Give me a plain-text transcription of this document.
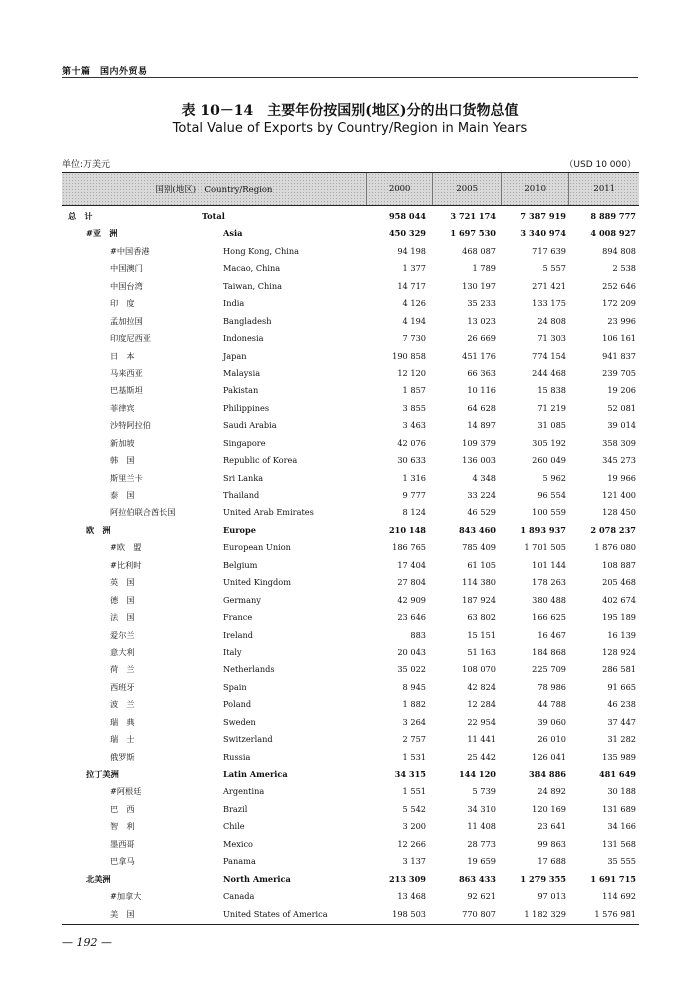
第十篇　国内外贸易
表 10－14　主要年份按国别(地区)分的出口货物总值
Total Value of Exports by Country/Region in Main Years
单位:万美元	（USD 10 000）
国别(地区)　Country/Region	2000	2005	2010	2011
总　计	Total	958 044	3 721 174	7 387 919	8 889 777
#亚　洲	Asia	450 329	1 697 530	3 340 974	4 008 927
#中国香港	Hong Kong, China	94 198	468 087	717 639	894 808
中国澳门	Macao, China	1 377	1 789	5 557	2 538
中国台湾	Taiwan, China	14 717	130 197	271 421	252 646
印　度	India	4 126	35 233	133 175	172 209
孟加拉国	Bangladesh	4 194	13 023	24 808	23 996
印度尼西亚	Indonesia	7 730	26 669	71 303	106 161
日　本	Japan	190 858	451 176	774 154	941 837
马来西亚	Malaysia	12 120	66 363	244 468	239 705
巴基斯坦	Pakistan	1 857	10 116	15 838	19 206
菲律宾	Philippines	3 855	64 628	71 219	52 081
沙特阿拉伯	Saudi Arabia	3 463	14 897	31 085	39 014
新加坡	Singapore	42 076	109 379	305 192	358 309
韩　国	Republic of Korea	30 633	136 003	260 049	345 273
斯里兰卡	Sri Lanka	1 316	4 348	5 962	19 966
泰　国	Thailand	9 777	33 224	96 554	121 400
阿拉伯联合酋长国	United Arab Emirates	8 124	46 529	100 559	128 450
欧　洲	Europe	210 148	843 460	1 893 937	2 078 237
#欧　盟	European Union	186 765	785 409	1 701 505	1 876 080
#比利时	Belgium	17 404	61 105	101 144	108 887
英　国	United Kingdom	27 804	114 380	178 263	205 468
德　国	Germany	42 909	187 924	380 488	402 674
法　国	France	23 646	63 802	166 625	195 189
爱尔兰	Ireland	883	15 151	16 467	16 139
意大利	Italy	20 043	51 163	184 868	128 924
荷　兰	Netherlands	35 022	108 070	225 709	286 581
西班牙	Spain	8 945	42 824	78 986	91 665
波　兰	Poland	1 882	12 284	44 788	46 238
瑞　典	Sweden	3 264	22 954	39 060	37 447
瑞　士	Switzerland	2 757	11 441	26 010	31 282
俄罗斯	Russia	1 531	25 442	126 041	135 989
拉丁美洲	Latin America	34 315	144 120	384 886	481 649
#阿根廷	Argentina	1 551	5 739	24 892	30 188
巴　西	Brazil	5 542	34 310	120 169	131 689
智　利	Chile	3 200	11 408	23 641	34 166
墨西哥	Mexico	12 266	28 773	99 863	131 568
巴拿马	Panama	3 137	19 659	17 688	35 555
北美洲	North America	213 309	863 433	1 279 355	1 691 715
#加拿大	Canada	13 468	92 621	97 013	114 692
美　国	United States of America	198 503	770 807	1 182 329	1 576 981
— 192 —
